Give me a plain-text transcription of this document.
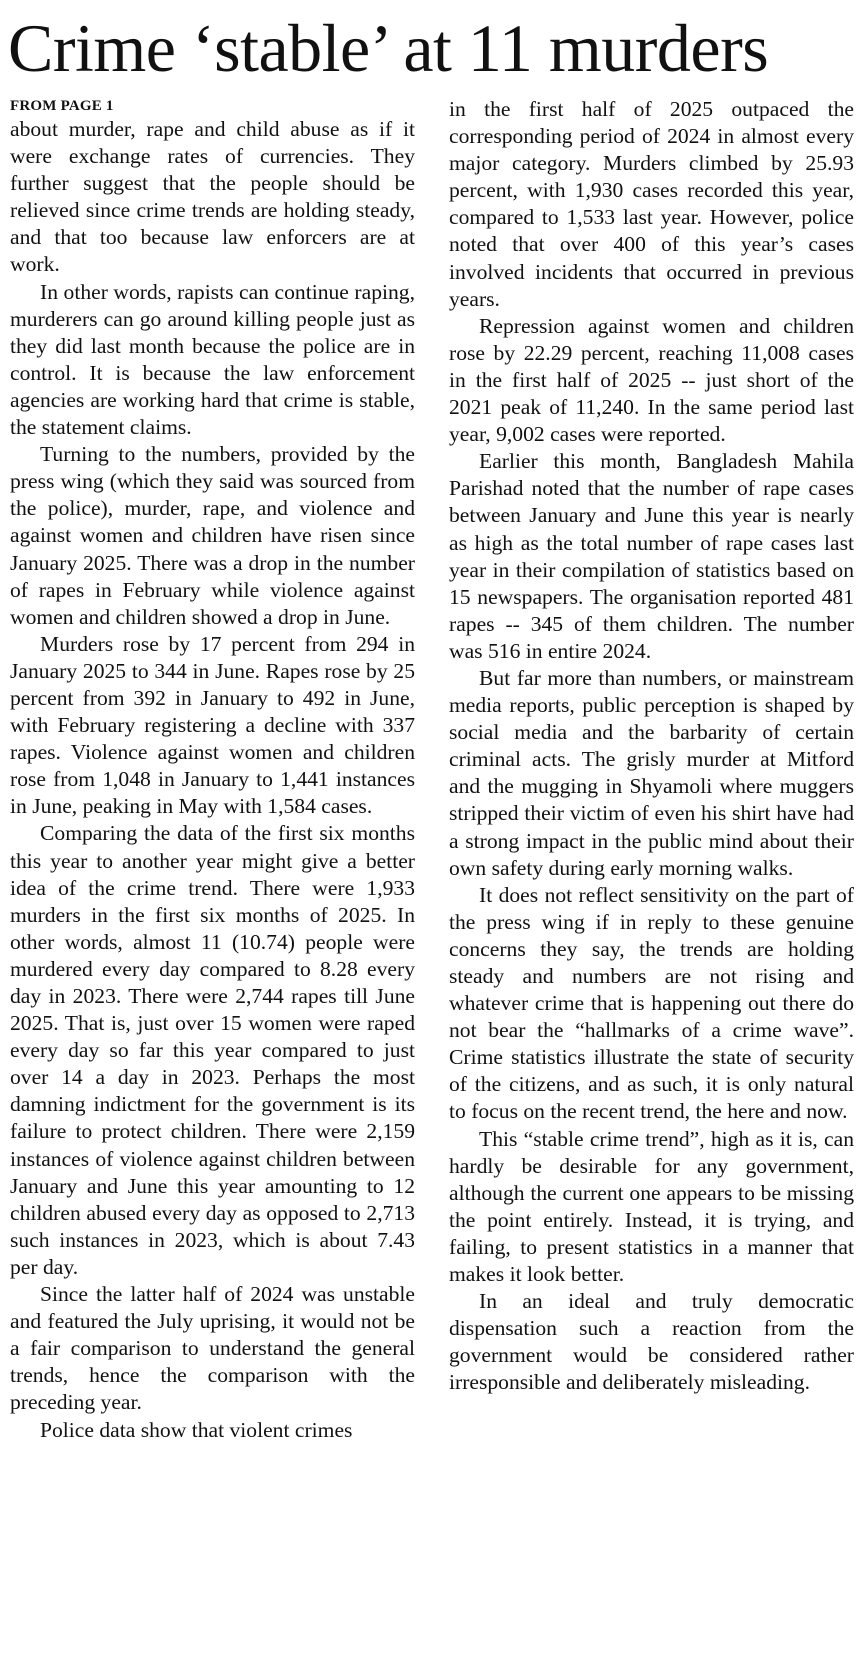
Crime ‘stable’ at 11 murders
FROM PAGE 1

about murder, rape and child abuse as if it were exchange rates of currencies. They further suggest that the people should be relieved since crime trends are holding steady, and that too because law enforcers are at work.

In other words, rapists can continue raping, murderers can go around killing people just as they did last month because the police are in control. It is because the law enforcement agencies are working hard that crime is stable, the statement claims.

Turning to the numbers, provided by the press wing (which they said was sourced from the police), murder, rape, and violence and against women and children have risen since January 2025. There was a drop in the number of rapes in February while violence against women and children showed a drop in June.

Murders rose by 17 percent from 294 in January 2025 to 344 in June. Rapes rose by 25 percent from 392 in January to 492 in June, with February registering a decline with 337 rapes. Violence against women and children rose from 1,048 in January to 1,441 instances in June, peaking in May with 1,584 cases.

Comparing the data of the first six months this year to another year might give a better idea of the crime trend. There were 1,933 murders in the first six months of 2025. In other words, almost 11 (10.74) people were murdered every day compared to 8.28 every day in 2023. There were 2,744 rapes till June 2025. That is, just over 15 women were raped every day so far this year compared to just over 14 a day in 2023. Perhaps the most damning indictment for the government is its failure to protect children. There were 2,159 instances of violence against children between January and June this year amounting to 12 children abused every day as opposed to 2,713 such instances in 2023, which is about 7.43 per day.

Since the latter half of 2024 was unstable and featured the July uprising, it would not be a fair comparison to understand the general trends, hence the comparison with the preceding year.

Police data show that violent crimes

in the first half of 2025 outpaced the corresponding period of 2024 in almost every major category. Murders climbed by 25.93 percent, with 1,930 cases recorded this year, compared to 1,533 last year. However, police noted that over 400 of this year’s cases involved incidents that occurred in previous years.

Repression against women and children rose by 22.29 percent, reaching 11,008 cases in the first half of 2025 -- just short of the 2021 peak of 11,240. In the same period last year, 9,002 cases were reported.

Earlier this month, Bangladesh Mahila Parishad noted that the number of rape cases between January and June this year is nearly as high as the total number of rape cases last year in their compilation of statistics based on 15 newspapers. The organisation reported 481 rapes -- 345 of them children. The number was 516 in entire 2024.

But far more than numbers, or mainstream media reports, public perception is shaped by social media and the barbarity of certain criminal acts. The grisly murder at Mitford and the mugging in Shyamoli where muggers stripped their victim of even his shirt have had a strong impact in the public mind about their own safety during early morning walks.

It does not reflect sensitivity on the part of the press wing if in reply to these genuine concerns they say, the trends are holding steady and numbers are not rising and whatever crime that is happening out there do not bear the “hallmarks of a crime wave”. Crime statistics illustrate the state of security of the citizens, and as such, it is only natural to focus on the recent trend, the here and now.

This “stable crime trend”, high as it is, can hardly be desirable for any government, although the current one appears to be missing the point entirely. Instead, it is trying, and failing, to present statistics in a manner that makes it look better.

In an ideal and truly democratic dispensation such a reaction from the government would be considered rather irresponsible and deliberately misleading.
